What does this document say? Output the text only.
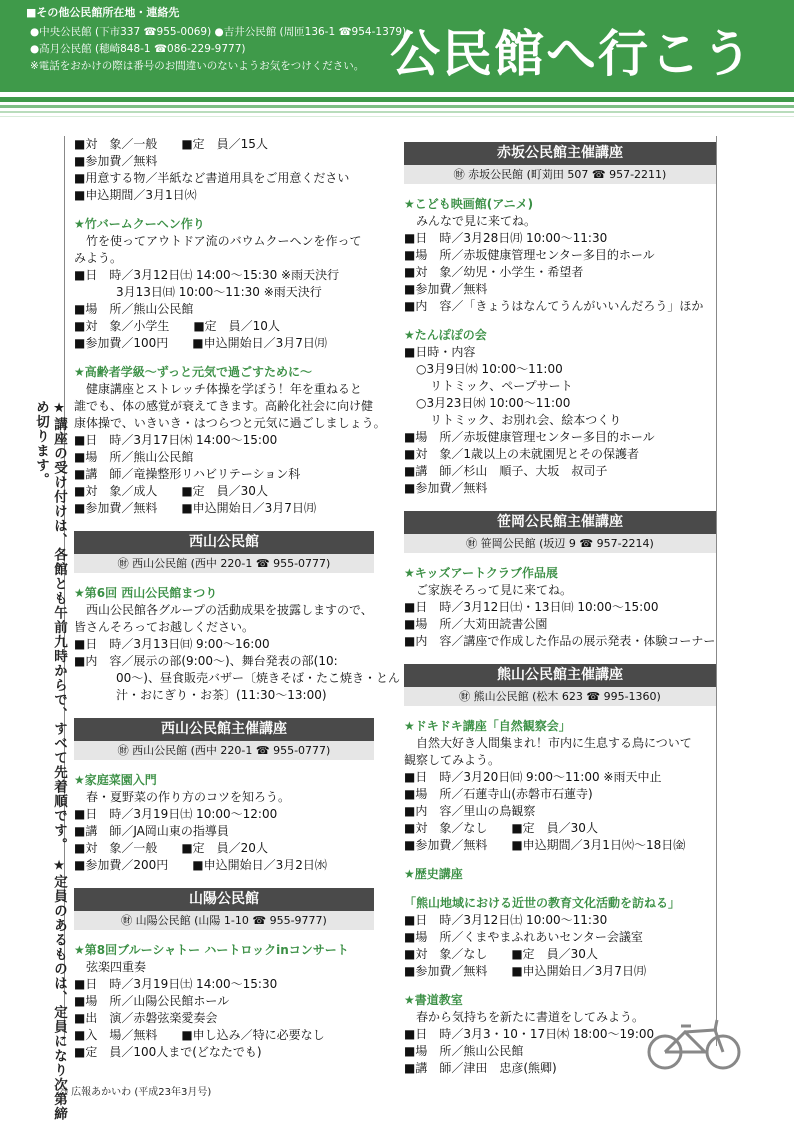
■その他公民館所在地・連絡先
●中央公民館 (下市337 ☎955-0069) ●吉井公民館 (周匝136-1 ☎954-1379)
●高月公民館 (穂崎848-1 ☎086-229-9777)
※電話をおかけの際は番号のお間違いのないようお気をつけください。 公民館へ行こう
★講座の受け付けは、各館とも午前九時からで、すべて先着順です。 ★定員のあるものは、定員になり次第締め切ります。

■対　象／一般　　■定　員／15人

■参加費／無料

■用意する物／半紙など書道用具をご用意ください

■申込期間／3月1日㈫

★竹バームクーヘン作り

竹を使ってアウトドア流のバウムクーヘンを作って

みよう。

■日　時／3月12日㈯ 14:00～15:30 ※雨天決行

3月13日㈰ 10:00～11:30 ※雨天決行

■場　所／熊山公民館

■対　象／小学生　　■定　員／10人

■参加費／100円　　■申込開始日／3月7日㈪

★高齢者学級～ずっと元気で過ごすために～

健康講座とストレッチ体操を学ぼう！年を重ねると

誰でも、体の感覚が衰えてきます。高齢化社会に向け健

康体操で、いきいき・はつらつと元気に過ごしましょう。

■日　時／3月17日㈭ 14:00～15:00

■場　所／熊山公民館

■講　師／竜操整形リハビリテーション科

■対　象／成人　　■定　員／30人

■参加費／無料　　■申込開始日／3月7日㈪

西山公民館
㊖ 西山公民館 (西中 220-1 ☎ 955-0777)

★第6回 西山公民館まつり

西山公民館各グループの活動成果を披露しますので、

皆さんそろってお越しください。

■日　時／3月13日㈰ 9:00～16:00

■内　容／展示の部(9:00～)、舞台発表の部(10:

00～)、昼食販売バザー〔焼きそば・たこ焼き・とん

汁・おにぎり・お茶〕(11:30～13:00)

西山公民館主催講座
㊖ 西山公民館 (西中 220-1 ☎ 955-0777)

★家庭菜園入門

春・夏野菜の作り方のコツを知ろう。

■日　時／3月19日㈯ 10:00～12:00

■講　師／JA岡山東の指導員

■対　象／一般　　■定　員／20人

■参加費／200円　　■申込開始日／3月2日㈬

山陽公民館
㊖ 山陽公民館 (山陽 1-10 ☎ 955-9777)

★第8回ブルーシャトー ハートロックinコンサート

弦楽四重奏

■日　時／3月19日㈯ 14:00～15:30

■場　所／山陽公民館ホール

■出　演／赤磐弦楽愛奏会

■入　場／無料　　■申し込み／特に必要なし

■定　員／100人まで(どなたでも)

赤坂公民館主催講座
㊖ 赤坂公民館 (町苅田 507 ☎ 957-2211)

★こども映画館(アニメ)

みんなで見に来てね。

■日　時／3月28日㈪ 10:00～11:30

■場　所／赤坂健康管理センター多目的ホール

■対　象／幼児・小学生・希望者

■参加費／無料

■内　容／「きょうはなんてうんがいいんだろう」ほか

★たんぽぽの会

■日時・内容

○3月9日㈬ 10:00～11:00

リトミック、ペープサート

○3月23日㈬ 10:00～11:00

リトミック、お別れ会、絵本つくり

■場　所／赤坂健康管理センター多目的ホール

■対　象／1歳以上の未就園児とその保護者

■講　師／杉山　順子、大坂　叔司子

■参加費／無料

笹岡公民館主催講座
㊖ 笹岡公民館 (坂辺 9 ☎ 957-2214)

★キッズアートクラブ作品展

ご家族そろって見に来てね。

■日　時／3月12日㈯・13日㈰ 10:00～15:00

■場　所／大苅田読書公園

■内　容／講座で作成した作品の展示発表・体験コーナー

熊山公民館主催講座
㊖ 熊山公民館 (松木 623 ☎ 995-1360)

★ドキドキ講座「自然観察会」

自然大好き人間集まれ！市内に生息する鳥について

観察してみよう。

■日　時／3月20日㈰ 9:00～11:00 ※雨天中止

■場　所／石蓮寺山(赤磐市石蓮寺)

■内　容／里山の鳥観察

■対　象／なし　　■定　員／30人

■参加費／無料　　■申込期間／3月1日㈫～18日㈮

★歴史講座

「熊山地域における近世の教育文化活動を訪ねる」

■日　時／3月12日㈯ 10:00～11:30

■場　所／くまやまふれあいセンター会議室

■対　象／なし　　■定　員／30人

■参加費／無料　　■申込開始日／3月7日㈪

★書道教室

春から気持ちを新たに書道をしてみよう。

■日　時／3月3・10・17日㈭ 18:00～19:00

■場　所／熊山公民館

■講　師／津田　忠彦(熊卿)

㉕ 広報あかいわ (平成23年3月号)
